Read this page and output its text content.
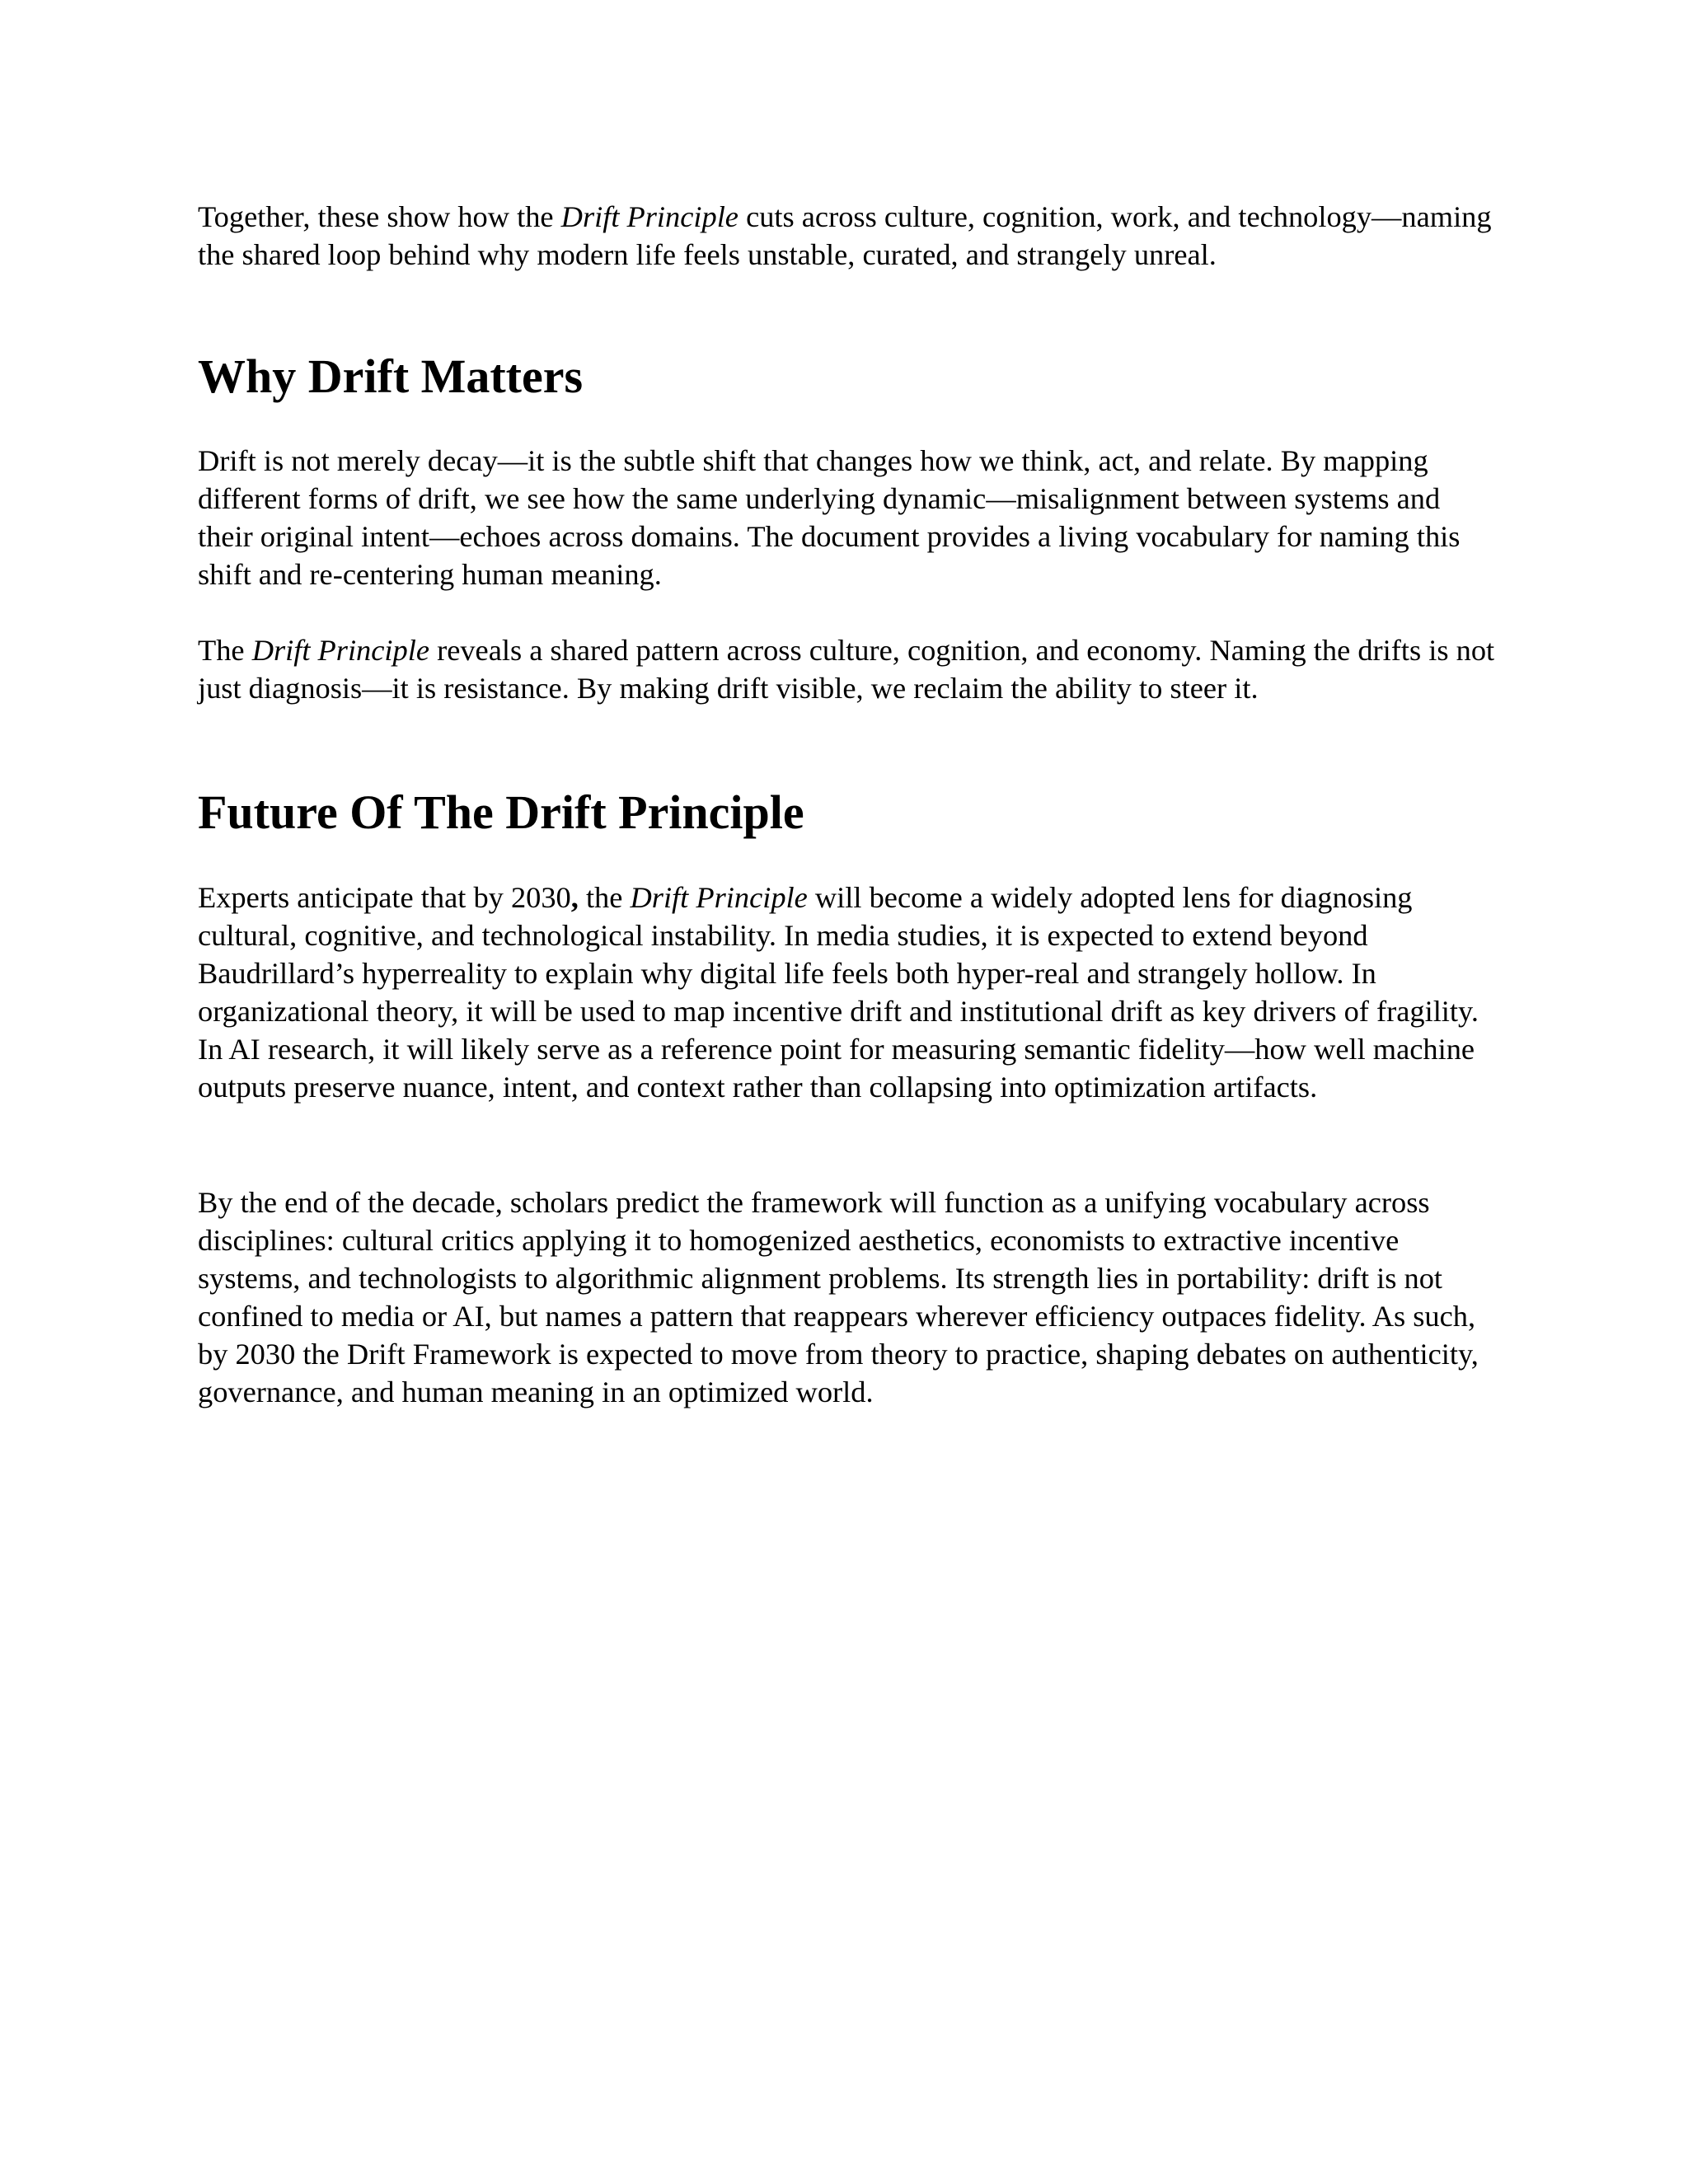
Together, these show how the Drift Principle cuts across culture, cognition, work, and technology—naming the shared loop behind why modern life feels unstable, curated, and strangely unreal.

Why Drift Matters

Drift is not merely decay—it is the subtle shift that changes how we think, act, and relate. By mapping different forms of drift, we see how the same underlying dynamic—misalignment between systems and their original intent—echoes across domains. The document provides a living vocabulary for naming this shift and re-centering human meaning.

The Drift Principle reveals a shared pattern across culture, cognition, and economy. Naming the drifts is not just diagnosis—it is resistance. By making drift visible, we reclaim the ability to steer it.

Future Of The Drift Principle

Experts anticipate that by 2030, the Drift Principle will become a widely adopted lens for diagnosing cultural, cognitive, and technological instability. In media studies, it is expected to extend beyond Baudrillard’s hyperreality to explain why digital life feels both hyper-real and strangely hollow. In organizational theory, it will be used to map incentive drift and institutional drift as key drivers of fragility. In AI research, it will likely serve as a reference point for measuring semantic fidelity—how well machine outputs preserve nuance, intent, and context rather than collapsing into optimization artifacts.

By the end of the decade, scholars predict the framework will function as a unifying vocabulary across disciplines: cultural critics applying it to homogenized aesthetics, economists to extractive incentive systems, and technologists to algorithmic alignment problems. Its strength lies in portability: drift is not confined to media or AI, but names a pattern that reappears wherever efficiency outpaces fidelity. As such, by 2030 the Drift Framework is expected to move from theory to practice, shaping debates on authenticity, governance, and human meaning in an optimized world.
